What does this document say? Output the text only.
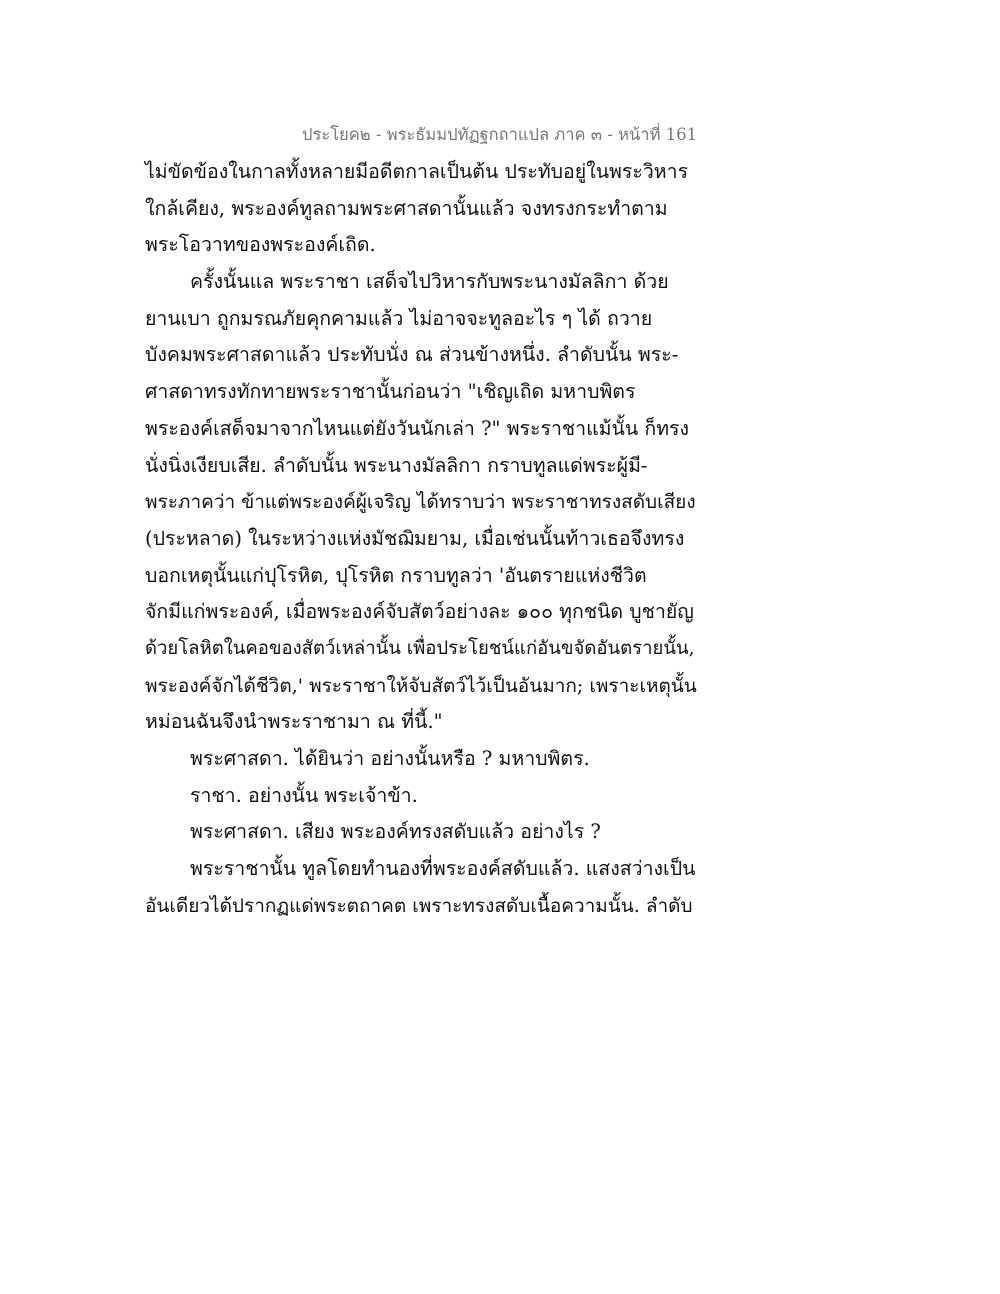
ประโยค๒ - พระธัมมปทัฏฐกถาแปล ภาค ๓ - หน้าที่ 161
ไม่ขัดข้องในกาลทั้งหลายมีอดีตกาลเป็นต้น ประทับอยู่ในพระวิหาร
ใกล้เคียง, พระองค์ทูลถามพระศาสดานั้นแล้ว จงทรงกระทำตาม
พระโอวาทของพระองค์เถิด.
ครั้งนั้นแล พระราชา เสด็จไปวิหารกับพระนางมัลลิกา ด้วย
ยานเบา ถูกมรณภัยคุกคามแล้ว ไม่อาจจะทูลอะไร ๆ ได้ ถวาย
บังคมพระศาสดาแล้ว ประทับนั่ง ณ ส่วนข้างหนึ่ง. ลำดับนั้น พระ-
ศาสดาทรงทักทายพระราชานั้นก่อนว่า "เชิญเถิด มหาบพิตร
พระองค์เสด็จมาจากไหนแต่ยังวันนักเล่า ?" พระราชาแม้นั้น ก็ทรง
นั่งนิ่งเงียบเสีย. ลำดับนั้น พระนางมัลลิกา กราบทูลแด่พระผู้มี-
พระภาคว่า ข้าแต่พระองค์ผู้เจริญ ได้ทราบว่า พระราชาทรงสดับเสียง
(ประหลาด) ในระหว่างแห่งมัชฌิมยาม, เมื่อเช่นนั้นท้าวเธอจึงทรง
บอกเหตุนั้นแก่ปุโรหิต, ปุโรหิต กราบทูลว่า 'อันตรายแห่งชีวิต
จักมีแก่พระองค์, เมื่อพระองค์จับสัตว์อย่างละ ๑๐๐ ทุกชนิด บูชายัญ
ด้วยโลหิตในคอของสัตว์เหล่านั้น เพื่อประโยชน์แก่อันขจัดอันตรายนั้น,
พระองค์จักได้ชีวิต,' พระราชาให้จับสัตว์ไว้เป็นอันมาก; เพราะเหตุนั้น
หม่อนฉันจึงนำพระราชามา ณ ที่นี้."
พระศาสดา. ได้ยินว่า อย่างนั้นหรือ ? มหาบพิตร.
ราชา. อย่างนั้น พระเจ้าข้า.
พระศาสดา. เสียง พระองค์ทรงสดับแล้ว อย่างไร ?
พระราชานั้น ทูลโดยทำนองที่พระองค์สดับแล้ว. แสงสว่างเป็น
อันเดียวได้ปรากฏแด่พระตถาคต เพราะทรงสดับเนื้อความนั้น. ลำดับ
